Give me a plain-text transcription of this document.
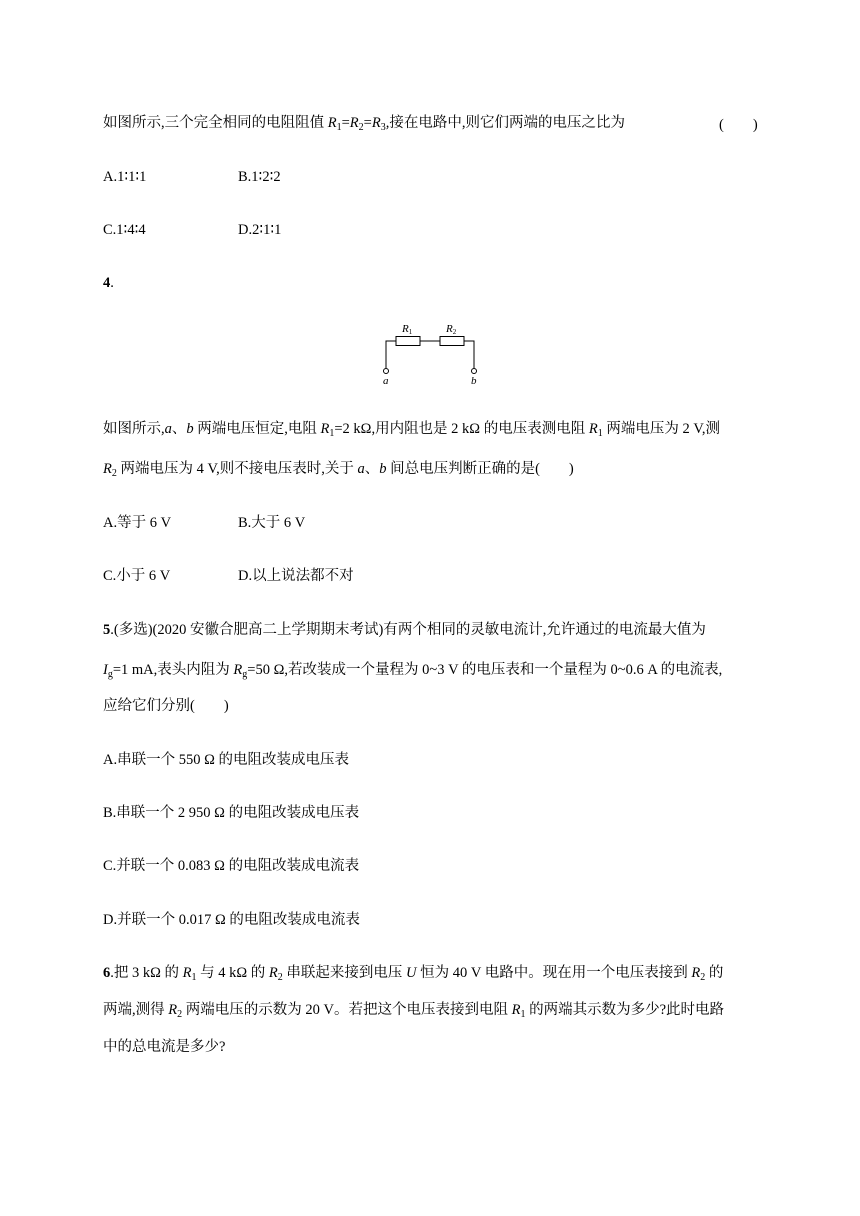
如图所示,三个完全相同的电阻阻值 $R_1=R_2=R_3$,接在电路中,则它们两端的电压之比为	(　　)
A.1∶1∶1	B.1∶2∶2
C.1∶4∶4	D.2∶1∶1
4.
R1	R2
a	b
如图所示,a、b 两端电压恒定,电阻 $R_1=2$ kΩ,用内阻也是 2 kΩ 的电压表测电阻 $R_1$ 两端电压为 2 V,测
$R_2$ 两端电压为 4 V,则不接电压表时,关于 a、b 间总电压判断正确的是(　　)
A.等于 6 V	B.大于 6 V
C.小于 6 V	D.以上说法都不对
5.(多选)(2020 安徽合肥高二上学期期末考试)有两个相同的灵敏电流计,允许通过的电流最大值为
$I_g=1$ mA,表头内阻为 $R_g=50$ Ω,若改装成一个量程为 0~3 V 的电压表和一个量程为 0~0.6 A 的电流表,
应给它们分别(　　)
A.串联一个 550 Ω 的电阻改装成电压表
B.串联一个 2 950 Ω 的电阻改装成电压表
C.并联一个 0.083 Ω 的电阻改装成电流表
D.并联一个 0.017 Ω 的电阻改装成电流表
6.把 3 kΩ 的 $R_1$ 与 4 kΩ 的 $R_2$ 串联起来接到电压 U 恒为 40 V 电路中。现在用一个电压表接到 $R_2$ 的
两端,测得 $R_2$ 两端电压的示数为 20 V。若把这个电压表接到电阻 $R_1$ 的两端其示数为多少?此时电路
中的总电流是多少?
